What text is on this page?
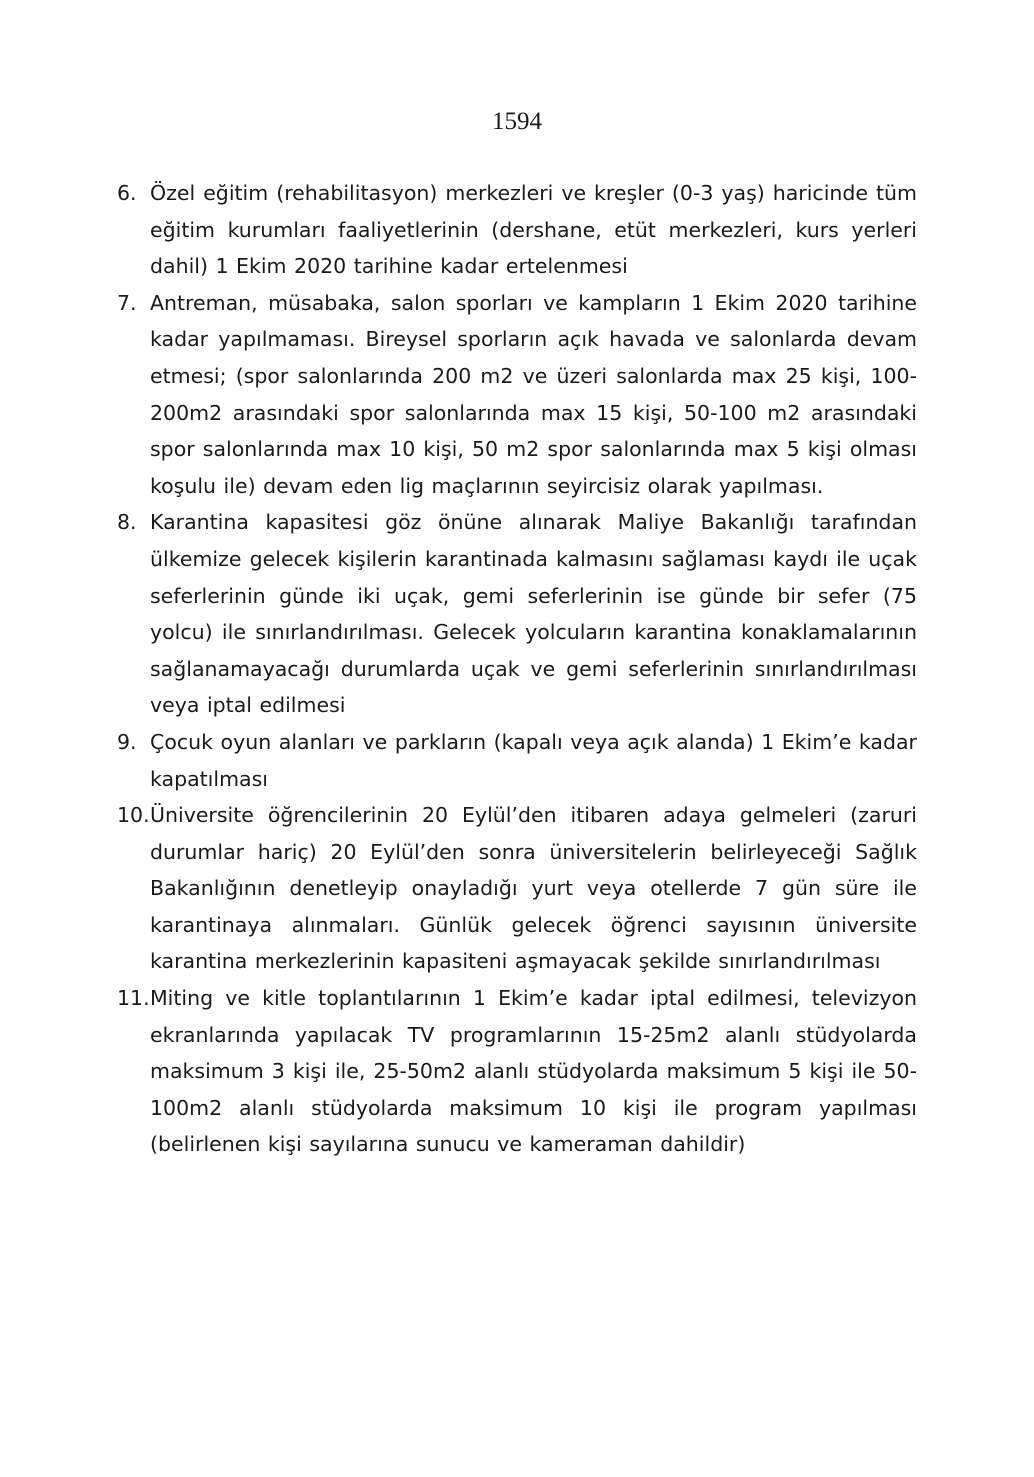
1594
6. Özel eğitim (rehabilitasyon) merkezleri ve kreşler (0-3 yaş) haricinde tüm eğitim kurumları faaliyetlerinin (dershane, etüt merkezleri, kurs yerleri dahil) 1 Ekim 2020 tarihine kadar ertelenmesi
7. Antreman, müsabaka, salon sporları ve kampların 1 Ekim 2020 tarihine kadar yapılmaması. Bireysel sporların açık havada ve salonlarda devam etmesi; (spor salonlarında 200 m2 ve üzeri salonlarda max 25 kişi, 100-200m2 arasındaki spor salonlarında max 15 kişi, 50-100 m2 arasındaki spor salonlarında max 10 kişi, 50 m2 spor salonlarında max 5 kişi olması koşulu ile) devam eden lig maçlarının seyircisiz olarak yapılması.
8. Karantina kapasitesi göz önüne alınarak Maliye Bakanlığı tarafından ülkemize gelecek kişilerin karantinada kalmasını sağlaması kaydı ile uçak seferlerinin günde iki uçak, gemi seferlerinin ise günde bir sefer (75 yolcu) ile sınırlandırılması. Gelecek yolcuların karantina konaklamalarının sağlanamayacağı durumlarda uçak ve gemi seferlerinin sınırlandırılması veya iptal edilmesi
9. Çocuk oyun alanları ve parkların (kapalı veya açık alanda) 1 Ekim’e kadar kapatılması
10. Üniversite öğrencilerinin 20 Eylül’den itibaren adaya gelmeleri (zaruri durumlar hariç) 20 Eylül’den sonra üniversitelerin belirleyeceği Sağlık Bakanlığının denetleyip onayladığı yurt veya otellerde 7 gün süre ile karantinaya alınmaları. Günlük gelecek öğrenci sayısının üniversite karantina merkezlerinin kapasiteni aşmayacak şekilde sınırlandırılması
11. Miting ve kitle toplantılarının 1 Ekim’e kadar iptal edilmesi, televizyon ekranlarında yapılacak TV programlarının 15-25m2 alanlı stüdyolarda maksimum 3 kişi ile, 25-50m2 alanlı stüdyolarda maksimum 5 kişi ile 50-100m2 alanlı stüdyolarda maksimum 10 kişi ile program yapılması (belirlenen kişi sayılarına sunucu ve kameraman dahildir)
